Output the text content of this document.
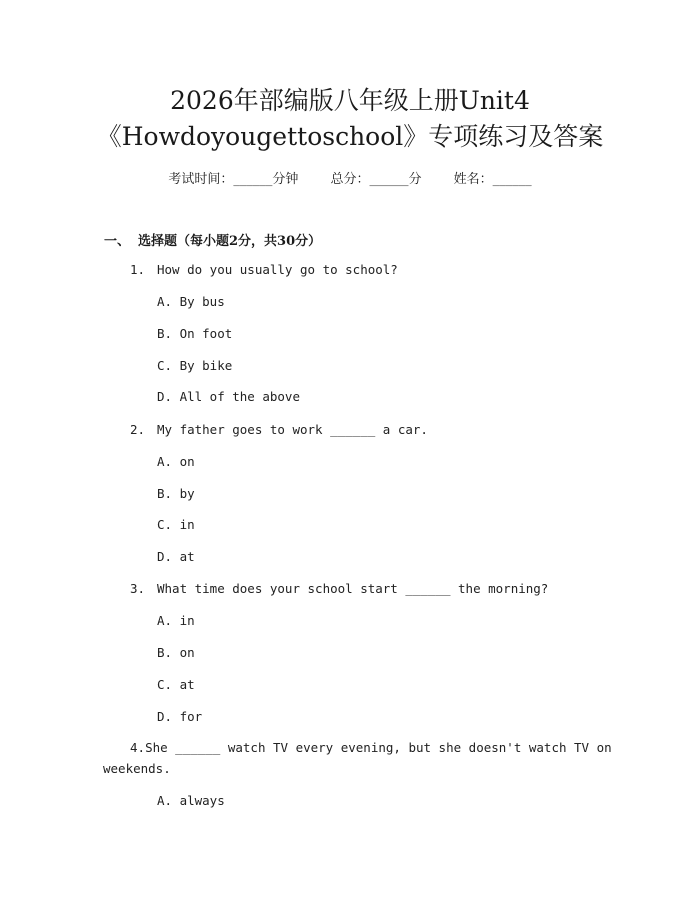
2026年部编版八年级上册Unit4
《Howdoyougettoschool》专项练习及答案
考试时间：______分钟 总分：______分 姓名：______
一、 选择题（每小题2分，共30分）
1. How do you usually go to school?
A. By bus
B. On foot
C. By bike
D. All of the above
2. My father goes to work ______ a car.
A. on
B. by
C. in
D. at
3. What time does your school start ______ the morning?
A. in
B. on
C. at
D. for
4.She ______ watch TV every evening, but she doesn't watch TV on
weekends.
A. always
